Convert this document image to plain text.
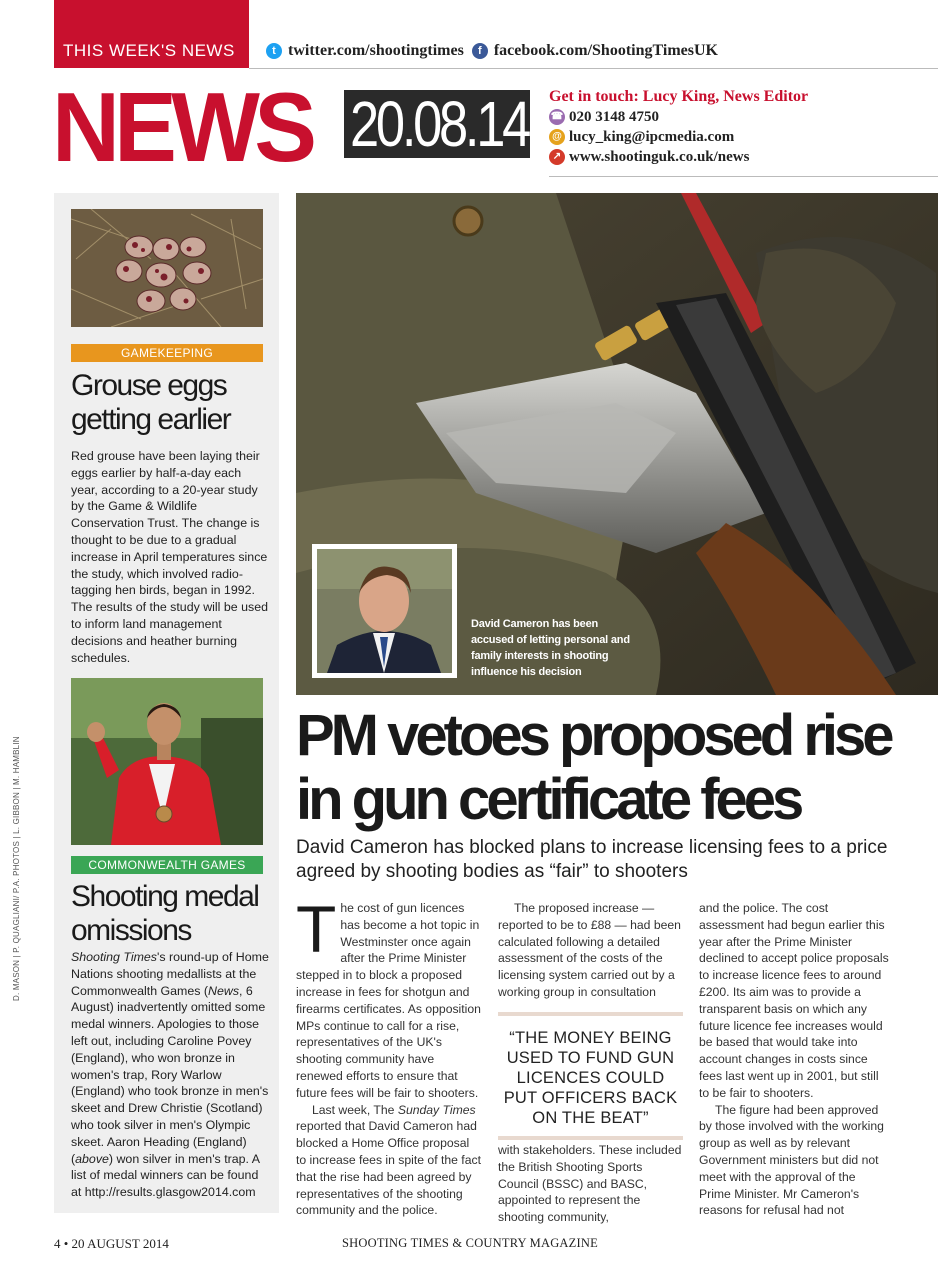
THIS WEEK'S NEWS	t twitter.com/shootingtimes	f facebook.com/ShootingTimesUK
NEWS 20.08.14 Get in touch: Lucy King, News Editor
☎ 020 3148 4750
@ lucy_king@ipcmedia.com
↗ www.shootinguk.co.uk/news
GAMEKEEPING
Grouse eggs
getting earlier
Red grouse have been laying their eggs earlier by half-a-day each year, according to a 20-year study by the Game & Wildlife Conservation Trust. The change is thought to be due to a gradual increase in April temperatures since the study, which involved radio-tagging hen birds, began in 1992. The results of the study will be used to inform land management decisions and heather burning schedules.
COMMONWEALTH GAMES
Shooting medal
omissions
Shooting Times's round-up of Home Nations shooting medallists at the Commonwealth Games (News, 6 August) inadvertently omitted some medal winners. Apologies to those left out, including Caroline Povey (England), who won bronze in women's trap, Rory Warlow (England) who took bronze in men's skeet and Drew Christie (Scotland) who took silver in men's Olympic skeet. Aaron Heading (England) (above) won silver in men's trap. A list of medal winners can be found at http://results.glasgow2014.com
D. MASON | P. QUAGLIANI/ P.A. PHOTOS | L. GIBBON | M. HAMBLIN
David Cameron has been accused of letting personal and family interests in shooting influence his decision
PM vetoes proposed rise
in gun certificate fees
David Cameron has blocked plans to increase licensing fees to a price agreed by shooting bodies as “fair” to shooters

The cost of gun licences has become a hot topic in Westminster once again after the Prime Minister stepped in to block a proposed increase in fees for shotgun and firearms certificates. As opposition MPs continue to call for a rise, representatives of the UK's shooting community have renewed efforts to ensure that future fees will be fair to shooters.

Last week, The Sunday Times reported that David Cameron had blocked a Home Office proposal to increase fees in spite of the fact that the rise had been agreed by representatives of the shooting community and the police.

The proposed increase — reported to be to £88 — had been calculated following a detailed assessment of the costs of the licensing system carried out by a working group in consultation

“THE MONEY BEING USED TO FUND GUN LICENCES COULD PUT OFFICERS BACK ON THE BEAT”

with stakeholders. These included the British Shooting Sports Council (BSSC) and BASC, appointed to represent the shooting community,

and the police. The cost assessment had begun earlier this year after the Prime Minister declined to accept police proposals to increase licence fees to around £200. Its aim was to provide a transparent basis on which any future licence fee increases would be based that would take into account changes in costs since fees last went up in 2001, but still to be fair to shooters.

The figure had been approved by those involved with the working group as well as by relevant Government ministers but did not meet with the approval of the Prime Minister. Mr Cameron's reasons for refusal had not

4 • 20 AUGUST 2014	SHOOTING TIMES & COUNTRY MAGAZINE
